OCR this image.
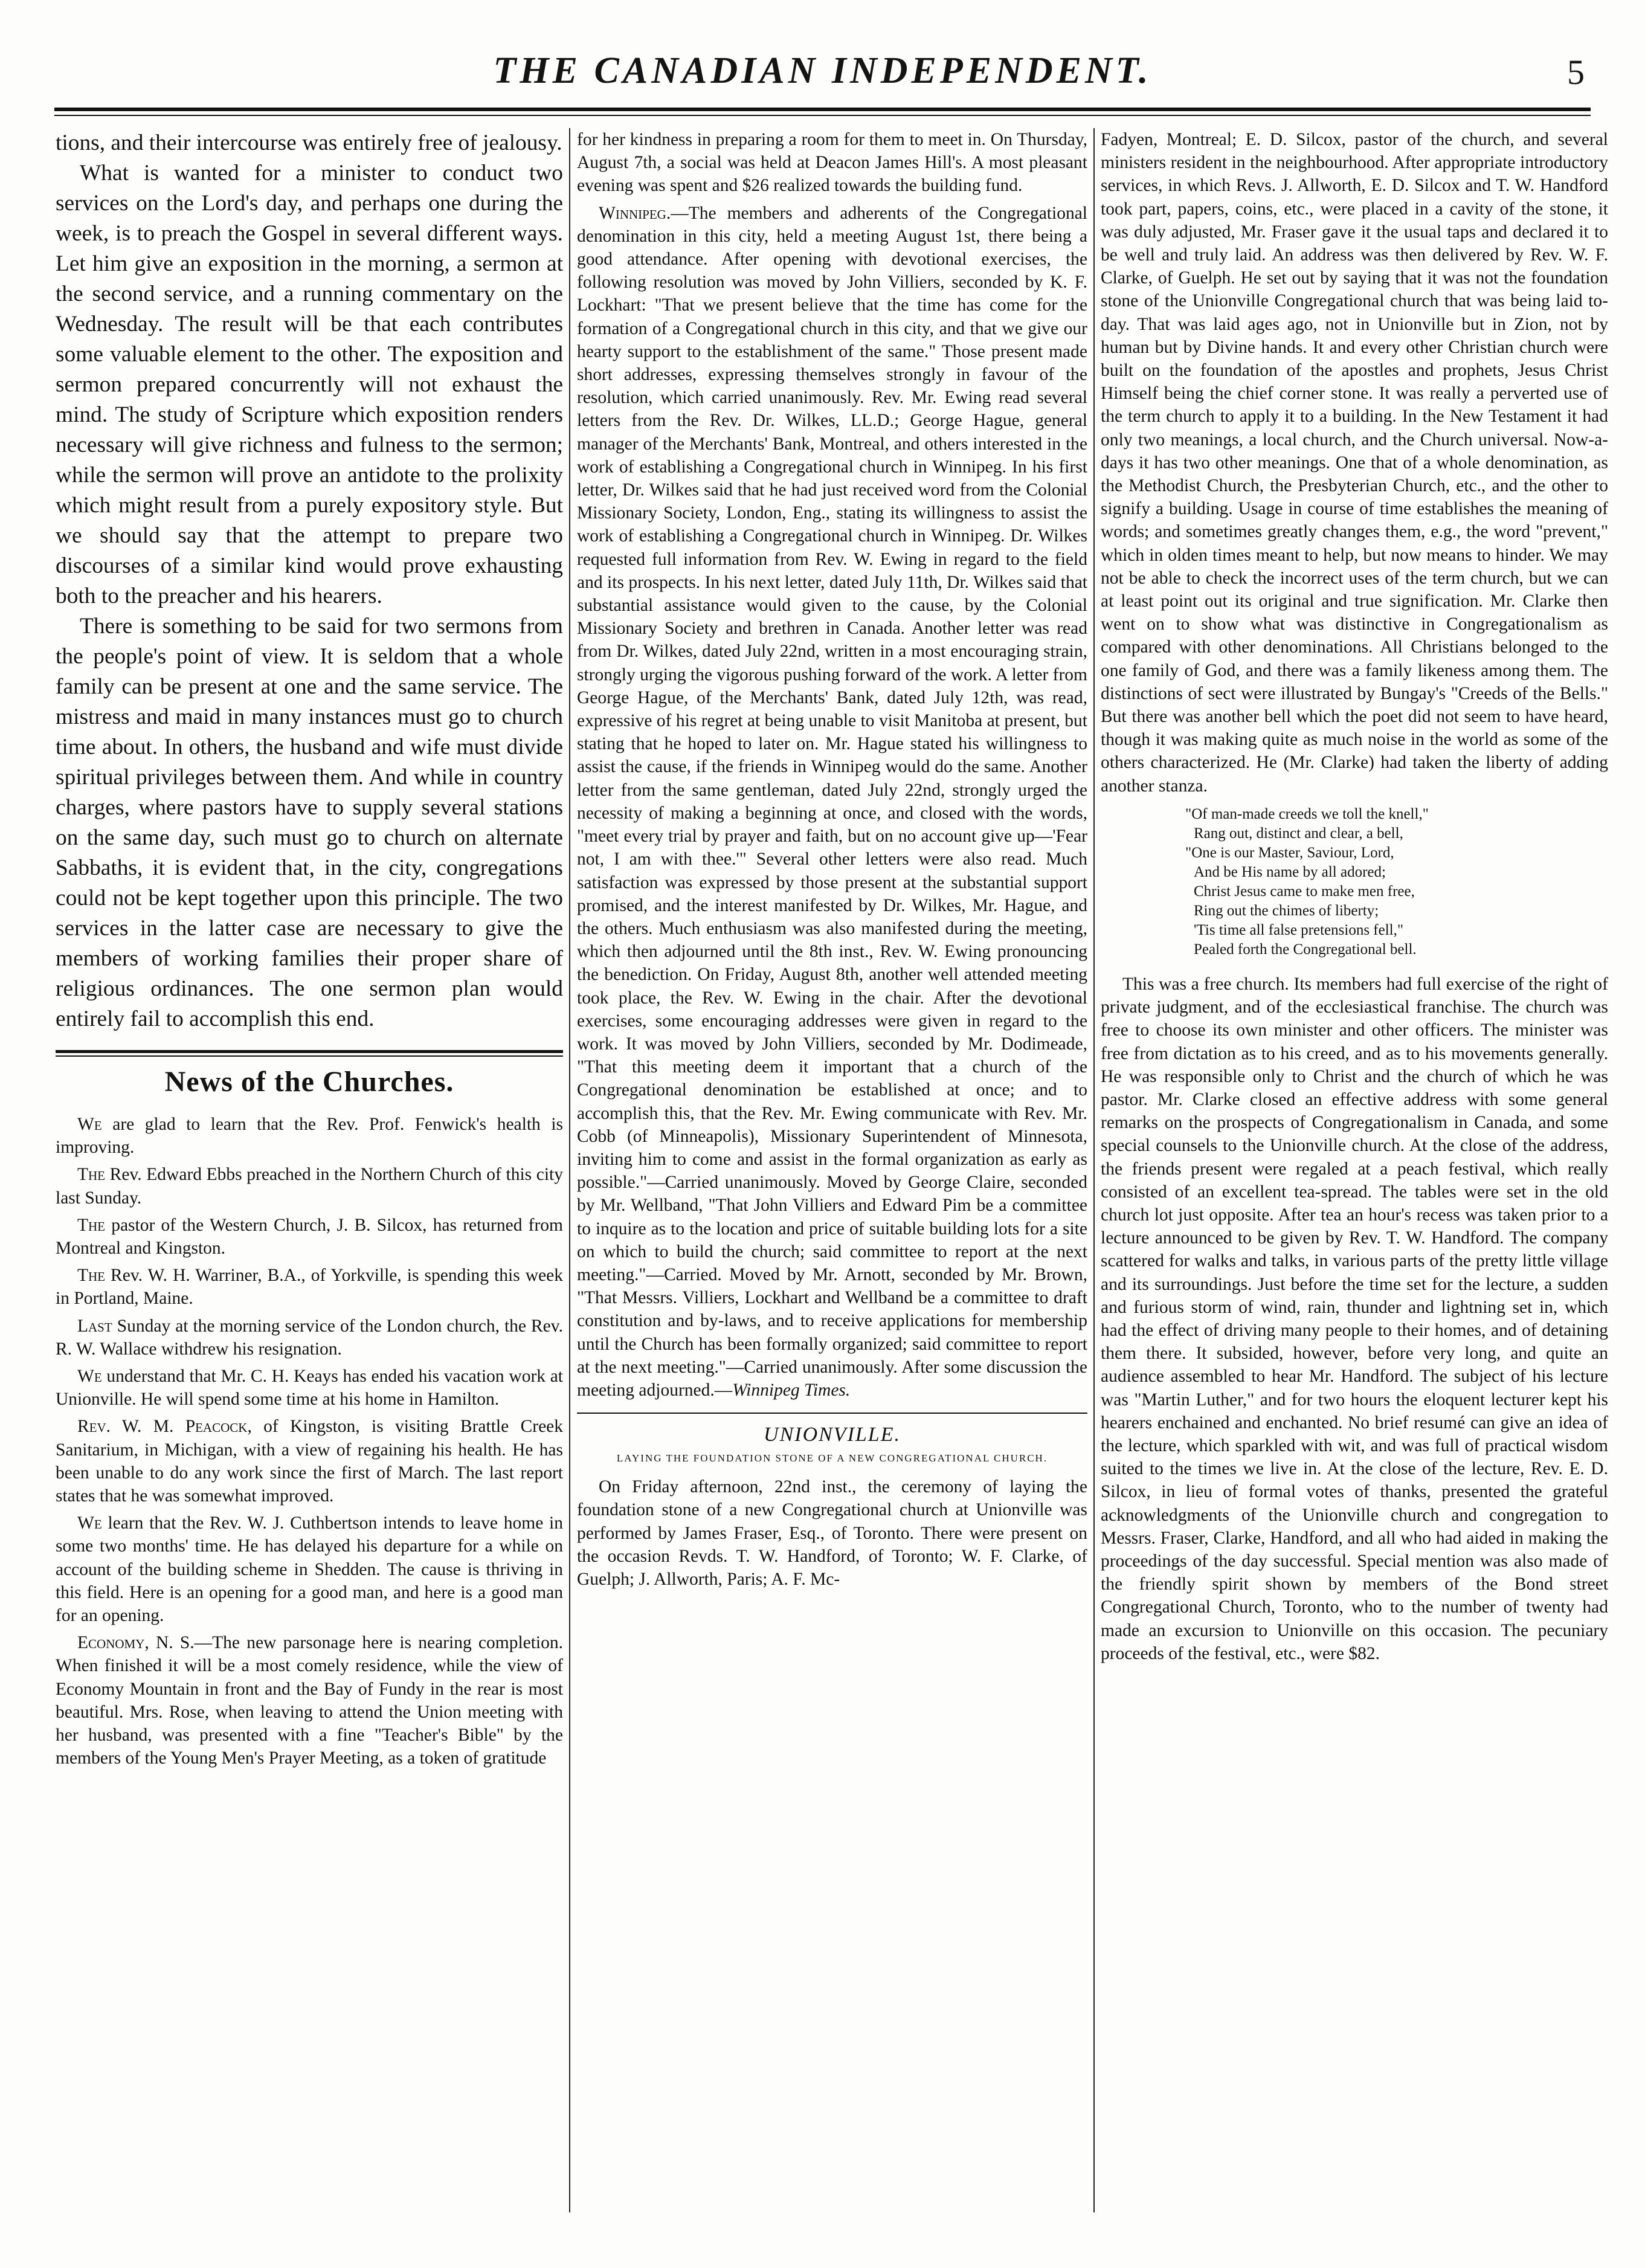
THE CANADIAN INDEPENDENT.	5

tions, and their intercourse was entirely free of jealousy.

What is wanted for a minister to conduct two services on the Lord's day, and perhaps one during the week, is to preach the Gospel in several different ways. Let him give an exposition in the morning, a sermon at the second service, and a running commentary on the Wednesday. The result will be that each contributes some valuable element to the other. The exposition and sermon prepared concurrently will not exhaust the mind. The study of Scripture which exposition renders necessary will give richness and fulness to the sermon; while the sermon will prove an antidote to the prolixity which might result from a purely expository style. But we should say that the attempt to prepare two discourses of a similar kind would prove exhausting both to the preacher and his hearers.

There is something to be said for two sermons from the people's point of view. It is seldom that a whole family can be present at one and the same service. The mistress and maid in many instances must go to church time about. In others, the husband and wife must divide spiritual privileges between them. And while in country charges, where pastors have to supply several stations on the same day, such must go to church on alternate Sabbaths, it is evident that, in the city, congregations could not be kept together upon this principle. The two services in the latter case are necessary to give the members of working families their proper share of religious ordinances. The one sermon plan would entirely fail to accomplish this end.

News of the Churches.

We are glad to learn that the Rev. Prof. Fenwick's health is improving.

The Rev. Edward Ebbs preached in the Northern Church of this city last Sunday.

The pastor of the Western Church, J. B. Silcox, has returned from Montreal and Kingston.

The Rev. W. H. Warriner, B.A., of Yorkville, is spending this week in Portland, Maine.

Last Sunday at the morning service of the London church, the Rev. R. W. Wallace withdrew his resignation.

We understand that Mr. C. H. Keays has ended his vacation work at Unionville. He will spend some time at his home in Hamilton.

Rev. W. M. Peacock, of Kingston, is visiting Brattle Creek Sanitarium, in Michigan, with a view of regaining his health. He has been unable to do any work since the first of March. The last report states that he was somewhat improved.

We learn that the Rev. W. J. Cuthbertson intends to leave home in some two months' time. He has delayed his departure for a while on account of the building scheme in Shedden. The cause is thriving in this field. Here is an opening for a good man, and here is a good man for an opening.

Economy, N. S.—The new parsonage here is nearing completion. When finished it will be a most comely residence, while the view of Economy Mountain in front and the Bay of Fundy in the rear is most beautiful. Mrs. Rose, when leaving to attend the Union meeting with her husband, was presented with a fine "Teacher's Bible" by the members of the Young Men's Prayer Meeting, as a token of gratitude

for her kindness in preparing a room for them to meet in. On Thursday, August 7th, a social was held at Deacon James Hill's. A most pleasant evening was spent and $26 realized towards the building fund.

Winnipeg.—The members and adherents of the Congregational denomination in this city, held a meeting August 1st, there being a good attendance. After opening with devotional exercises, the following resolution was moved by John Villiers, seconded by K. F. Lockhart: "That we present believe that the time has come for the formation of a Congregational church in this city, and that we give our hearty support to the establishment of the same." Those present made short addresses, expressing themselves strongly in favour of the resolution, which carried unanimously. Rev. Mr. Ewing read several letters from the Rev. Dr. Wilkes, LL.D.; George Hague, general manager of the Merchants' Bank, Montreal, and others interested in the work of establishing a Congregational church in Winnipeg. In his first letter, Dr. Wilkes said that he had just received word from the Colonial Missionary Society, London, Eng., stating its willingness to assist the work of establishing a Congregational church in Winnipeg. Dr. Wilkes requested full information from Rev. W. Ewing in regard to the field and its prospects. In his next letter, dated July 11th, Dr. Wilkes said that substantial assistance would given to the cause, by the Colonial Missionary Society and brethren in Canada. Another letter was read from Dr. Wilkes, dated July 22nd, written in a most encouraging strain, strongly urging the vigorous pushing forward of the work. A letter from George Hague, of the Merchants' Bank, dated July 12th, was read, expressive of his regret at being unable to visit Manitoba at present, but stating that he hoped to later on. Mr. Hague stated his willingness to assist the cause, if the friends in Winnipeg would do the same. Another letter from the same gentleman, dated July 22nd, strongly urged the necessity of making a beginning at once, and closed with the words, "meet every trial by prayer and faith, but on no account give up—'Fear not, I am with thee.'" Several other letters were also read. Much satisfaction was expressed by those present at the substantial support promised, and the interest manifested by Dr. Wilkes, Mr. Hague, and the others. Much enthusiasm was also manifested during the meeting, which then adjourned until the 8th inst., Rev. W. Ewing pronouncing the benediction. On Friday, August 8th, another well attended meeting took place, the Rev. W. Ewing in the chair. After the devotional exercises, some encouraging addresses were given in regard to the work. It was moved by John Villiers, seconded by Mr. Dodimeade, "That this meeting deem it important that a church of the Congregational denomination be established at once; and to accomplish this, that the Rev. Mr. Ewing communicate with Rev. Mr. Cobb (of Minneapolis), Missionary Superintendent of Minnesota, inviting him to come and assist in the formal organization as early as possible."—Carried unanimously. Moved by George Claire, seconded by Mr. Wellband, "That John Villiers and Edward Pim be a committee to inquire as to the location and price of suitable building lots for a site on which to build the church; said committee to report at the next meeting."—Carried. Moved by Mr. Arnott, seconded by Mr. Brown, "That Messrs. Villiers, Lockhart and Wellband be a committee to draft constitution and by-laws, and to receive applications for membership until the Church has been formally organized; said committee to report at the next meeting."—Carried unanimously. After some discussion the meeting adjourned.—Winnipeg Times.

UNIONVILLE.
LAYING THE FOUNDATION STONE OF A NEW CONGREGATIONAL CHURCH.

On Friday afternoon, 22nd inst., the ceremony of laying the foundation stone of a new Congregational church at Unionville was performed by James Fraser, Esq., of Toronto. There were present on the occasion Revds. T. W. Handford, of Toronto; W. F. Clarke, of Guelph; J. Allworth, Paris; A. F. Mc-

Fadyen, Montreal; E. D. Silcox, pastor of the church, and several ministers resident in the neighbourhood. After appropriate introductory services, in which Revs. J. Allworth, E. D. Silcox and T. W. Handford took part, papers, coins, etc., were placed in a cavity of the stone, it was duly adjusted, Mr. Fraser gave it the usual taps and declared it to be well and truly laid. An address was then delivered by Rev. W. F. Clarke, of Guelph. He set out by saying that it was not the foundation stone of the Unionville Congregational church that was being laid to-day. That was laid ages ago, not in Unionville but in Zion, not by human but by Divine hands. It and every other Christian church were built on the foundation of the apostles and prophets, Jesus Christ Himself being the chief corner stone. It was really a perverted use of the term church to apply it to a building. In the New Testament it had only two meanings, a local church, and the Church universal. Now-a-days it has two other meanings. One that of a whole denomination, as the Methodist Church, the Presbyterian Church, etc., and the other to signify a building. Usage in course of time establishes the meaning of words; and sometimes greatly changes them, e.g., the word "prevent," which in olden times meant to help, but now means to hinder. We may not be able to check the incorrect uses of the term church, but we can at least point out its original and true signification. Mr. Clarke then went on to show what was distinctive in Congregationalism as compared with other denominations. All Christians belonged to the one family of God, and there was a family likeness among them. The distinctions of sect were illustrated by Bungay's "Creeds of the Bells." But there was another bell which the poet did not seem to have heard, though it was making quite as much noise in the world as some of the others characterized. He (Mr. Clarke) had taken the liberty of adding another stanza.

"Of man-made creeds we toll the knell,"
Rang out, distinct and clear, a bell,
"One is our Master, Saviour, Lord,
And be His name by all adored;
Christ Jesus came to make men free,
Ring out the chimes of liberty;
'Tis time all false pretensions fell,"
Pealed forth the Congregational bell.

This was a free church. Its members had full exercise of the right of private judgment, and of the ecclesiastical franchise. The church was free to choose its own minister and other officers. The minister was free from dictation as to his creed, and as to his movements generally. He was responsible only to Christ and the church of which he was pastor. Mr. Clarke closed an effective address with some general remarks on the prospects of Congregationalism in Canada, and some special counsels to the Unionville church. At the close of the address, the friends present were regaled at a peach festival, which really consisted of an excellent tea-spread. The tables were set in the old church lot just opposite. After tea an hour's recess was taken prior to a lecture announced to be given by Rev. T. W. Handford. The company scattered for walks and talks, in various parts of the pretty little village and its surroundings. Just before the time set for the lecture, a sudden and furious storm of wind, rain, thunder and lightning set in, which had the effect of driving many people to their homes, and of detaining them there. It subsided, however, before very long, and quite an audience assembled to hear Mr. Handford. The subject of his lecture was "Martin Luther," and for two hours the eloquent lecturer kept his hearers enchained and enchanted. No brief resumé can give an idea of the lecture, which sparkled with wit, and was full of practical wisdom suited to the times we live in. At the close of the lecture, Rev. E. D. Silcox, in lieu of formal votes of thanks, presented the grateful acknowledgments of the Unionville church and congregation to Messrs. Fraser, Clarke, Handford, and all who had aided in making the proceedings of the day successful. Special mention was also made of the friendly spirit shown by members of the Bond street Congregational Church, Toronto, who to the number of twenty had made an excursion to Unionville on this occasion. The pecuniary proceeds of the festival, etc., were $82.
